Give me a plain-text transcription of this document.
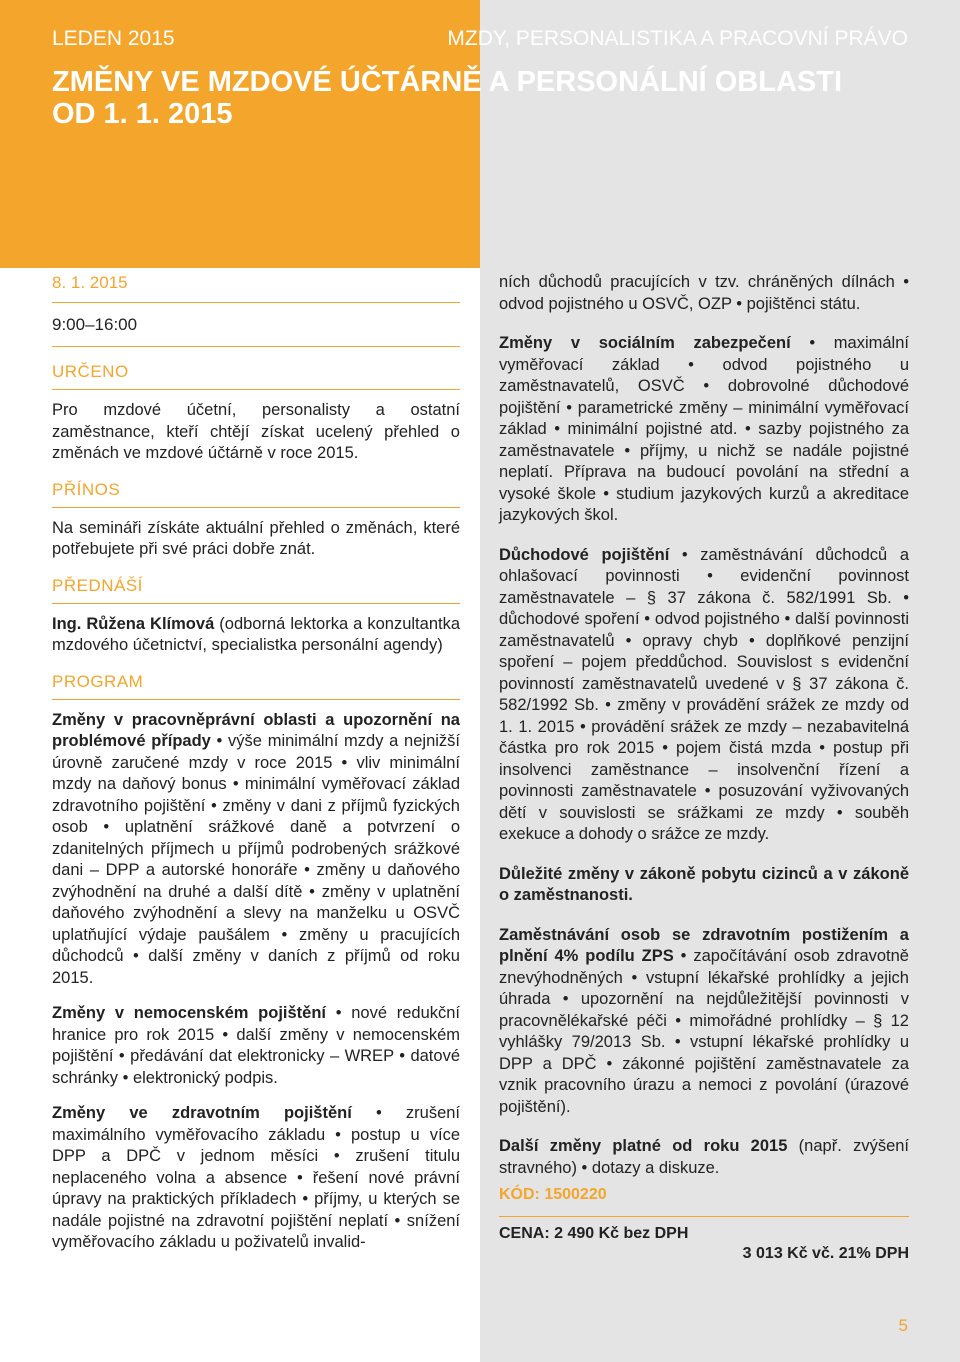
LEDEN 2015	MZDY, PERSONALISTIKA A PRACOVNÍ PRÁVO
ZMĚNY VE MZDOVÉ ÚČTÁRNĚ A PERSONÁLNÍ OBLASTI
OD 1. 1. 2015
8. 1. 2015
9:00–16:00
URČENO

Pro mzdové účetní, personalisty a ostatní zaměstnance, kteří chtějí získat ucelený přehled o změnách ve mzdové účtárně v roce 2015.

PŘÍNOS

Na semináři získáte aktuální přehled o změnách, které potřebujete při své práci dobře znát.

PŘEDNÁŠÍ

Ing. Růžena Klímová (odborná lektorka a konzultantka mzdového účetnictví, specialistka personální agendy)

PROGRAM

Změny v pracovněprávní oblasti a upozornění na problémové případy • výše minimální mzdy a nejnižší úrovně zaručené mzdy v roce 2015 • vliv minimální mzdy na daňový bonus • minimální vyměřovací základ zdravotního pojištění • změny v dani z příjmů fyzických osob • uplatnění srážkové daně a potvrzení o zdanitelných příjmech u příjmů podrobených srážkové dani – DPP a autorské honoráře • změny u daňového zvýhodnění na druhé a další dítě • změny v uplatnění daňového zvýhodnění a slevy na manželku u OSVČ uplatňující výdaje paušálem • změny u pracujících důchodců • další změny v daních z příjmů od roku 2015.

Změny v nemocenském pojištění • nové redukční hranice pro rok 2015 • další změny v nemocenském pojištění • předávání dat elektronicky – WREP • datové schránky • elektronický podpis.

Změny ve zdravotním pojištění • zrušení maximálního vyměřovacího základu • postup u více DPP a DPČ v jednom měsíci • zrušení titulu neplaceného volna a absence • řešení nové právní úpravy na praktických příkladech • příjmy, u kterých se nadále pojistné na zdravotní pojištění neplatí • snížení vyměřovacího základu u poživatelů invalid-

ních důchodů pracujících v tzv. chráněných dílnách • odvod pojistného u OSVČ, OZP • pojištěnci státu.

Změny v sociálním zabezpečení • maximální vyměřovací základ • odvod pojistného u zaměstnavatelů, OSVČ • dobrovolné důchodové pojištění • parametrické změny – minimální vyměřovací základ • minimální pojistné atd. • sazby pojistného za zaměstnavatele • příjmy, u nichž se nadále pojistné neplatí. Příprava na budoucí povolání na střední a vysoké škole • studium jazykových kurzů a akreditace jazykových škol.

Důchodové pojištění • zaměstnávání důchodců a ohlašovací povinnosti • evidenční povinnost zaměstnavatele – § 37 zákona č. 582/1991 Sb. • důchodové spoření • odvod pojistného • další povinnosti zaměstnavatelů • opravy chyb • doplňkové penzijní spoření – pojem předdůchod. Souvislost s evidenční povinností zaměstnavatelů uvedené v § 37 zákona č. 582/1992 Sb. • změny v provádění srážek ze mzdy od 1. 1. 2015 • provádění srážek ze mzdy – nezabavitelná částka pro rok 2015 • pojem čistá mzda • postup při insolvenci zaměstnance – insolvenční řízení a povinnosti zaměstnavatele • posuzování vyživovaných dětí v souvislosti se srážkami ze mzdy • souběh exekuce a dohody o srážce ze mzdy.

Důležité změny v zákoně pobytu cizinců a v zákoně o zaměstnanosti.

Zaměstnávání osob se zdravotním postižením a plnění 4% podílu ZPS • započítávání osob zdravotně znevýhodněných • vstupní lékařské prohlídky a jejich úhrada • upozornění na nejdůležitější povinnosti v pracovnělékařské péči • mimořádné prohlídky – § 12 vyhlášky 79/2013 Sb. • vstupní lékařské prohlídky u DPP a DPČ • zákonné pojištění zaměstnavatele za vznik pracovního úrazu a nemoci z povolání (úrazové pojištění).

Další změny platné od roku 2015 (např. zvýšení stravného) • dotazy a diskuze.

KÓD: 1500220
CENA: 2 490 Kč bez DPH
3 013 Kč vč. 21% DPH
5
